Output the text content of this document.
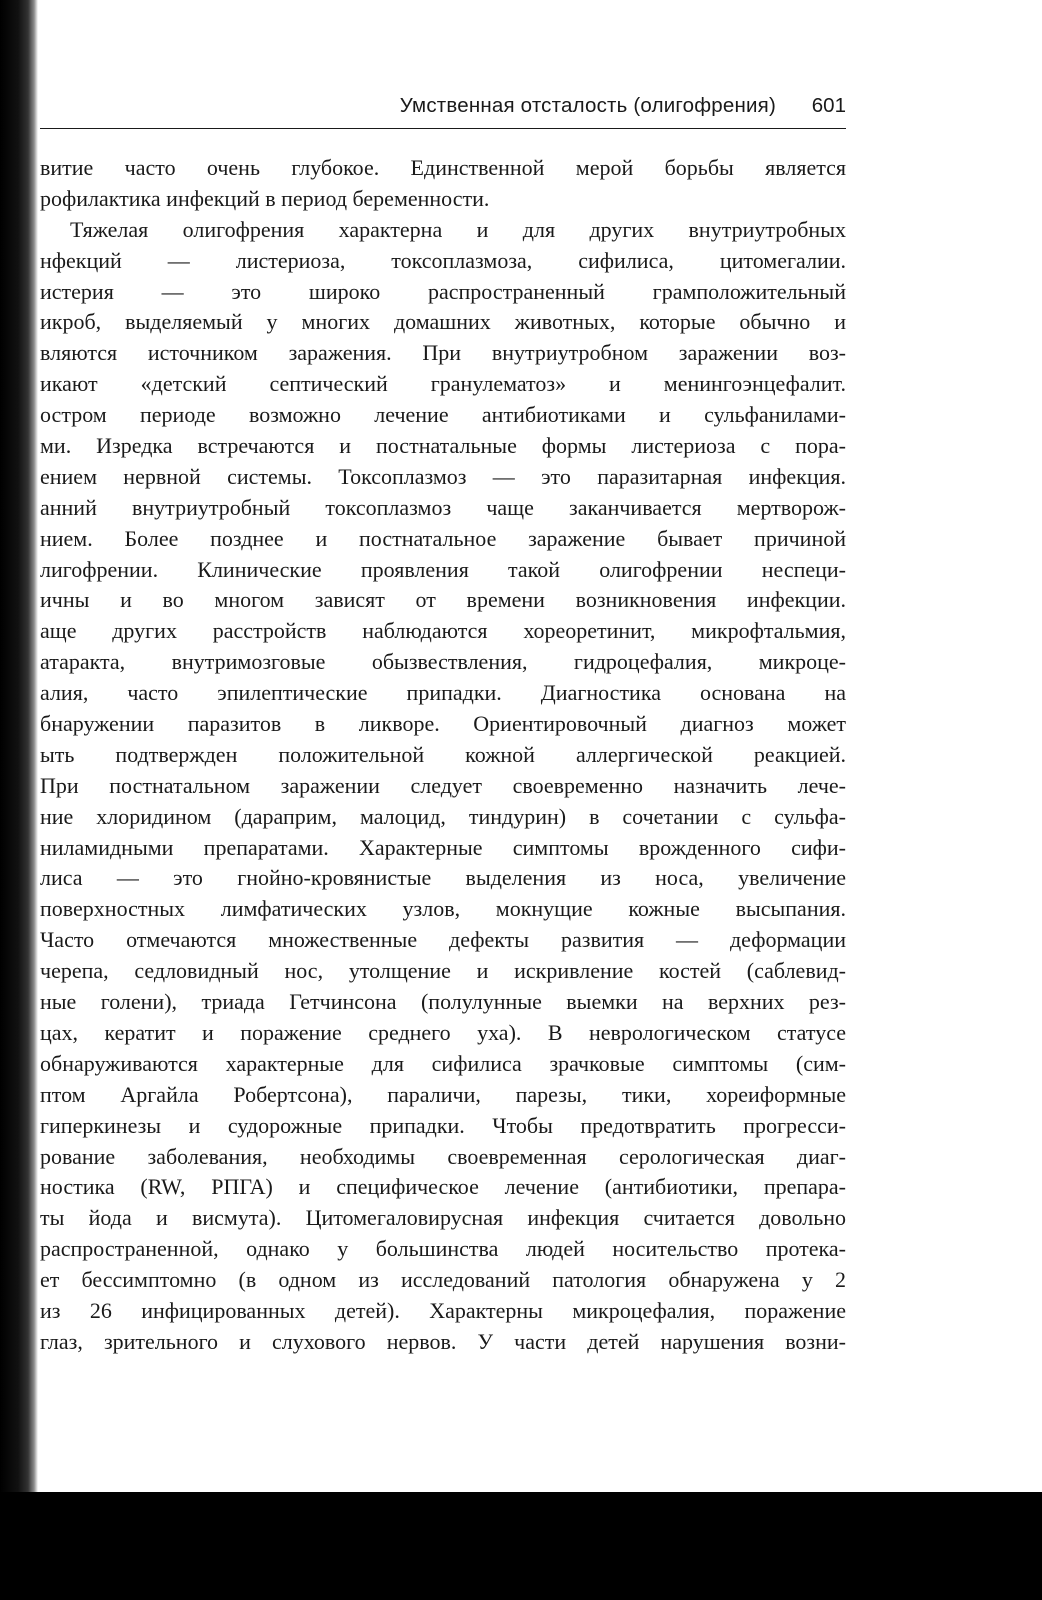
Умственная отсталость (олигофрения) 601
витие часто очень глубокое. Единственной мерой борьбы является
рофилактика инфекций в период беременности.
Тяжелая олигофрения характерна и для других внутриутробных
нфекций — листериоза, токсоплазмоза, сифилиса, цитомегалии.
истерия — это широко распространенный грамположительный
икроб, выделяемый у многих домашних животных, которые обычно и
вляются источником заражения. При внутриутробном заражении воз-
икают «детский септический гранулематоз» и менингоэнцефалит.
остром периоде возможно лечение антибиотиками и сульфанилами-
ми. Изредка встречаются и постнатальные формы листериоза с пора-
ением нервной системы. Токсоплазмоз — это паразитарная инфекция.
анний внутриутробный токсоплазмоз чаще заканчивается мертворож-
нием. Более позднее и постнатальное заражение бывает причиной
лигофрении. Клинические проявления такой олигофрении неспеци-
ичны и во многом зависят от времени возникновения инфекции.
аще других расстройств наблюдаются хореоретинит, микрофтальмия,
атаракта, внутримозговые обызвествления, гидроцефалия, микроце-
алия, часто эпилептические припадки. Диагностика основана на
бнаружении паразитов в ликворе. Ориентировочный диагноз может
ыть подтвержден положительной кожной аллергической реакцией.
При постнатальном заражении следует своевременно назначить лече-
ние хлоридином (дараприм, малоцид, тиндурин) в сочетании с сульфа-
ниламидными препаратами. Характерные симптомы врожденного сифи-
лиса — это гнойно-кровянистые выделения из носа, увеличение
поверхностных лимфатических узлов, мокнущие кожные высыпания.
Часто отмечаются множественные дефекты развития — деформации
черепа, седловидный нос, утолщение и искривление костей (саблевид-
ные голени), триада Гетчинсона (полулунные выемки на верхних рез-
цах, кератит и поражение среднего уха). В неврологическом статусе
обнаруживаются характерные для сифилиса зрачковые симптомы (сим-
птом Аргайла Робертсона), параличи, парезы, тики, хореиформные
гиперкинезы и судорожные припадки. Чтобы предотвратить прогресси-
рование заболевания, необходимы своевременная серологическая диаг-
ностика (RW, РПГА) и специфическое лечение (антибиотики, препара-
ты йода и висмута). Цитомегаловирусная инфекция считается довольно
распространенной, однако у большинства людей носительство протека-
ет бессимптомно (в одном из исследований патология обнаружена у 2
из 26 инфицированных детей). Характерны микроцефалия, поражение
глаз, зрительного и слухового нервов. У части детей нарушения возни-
